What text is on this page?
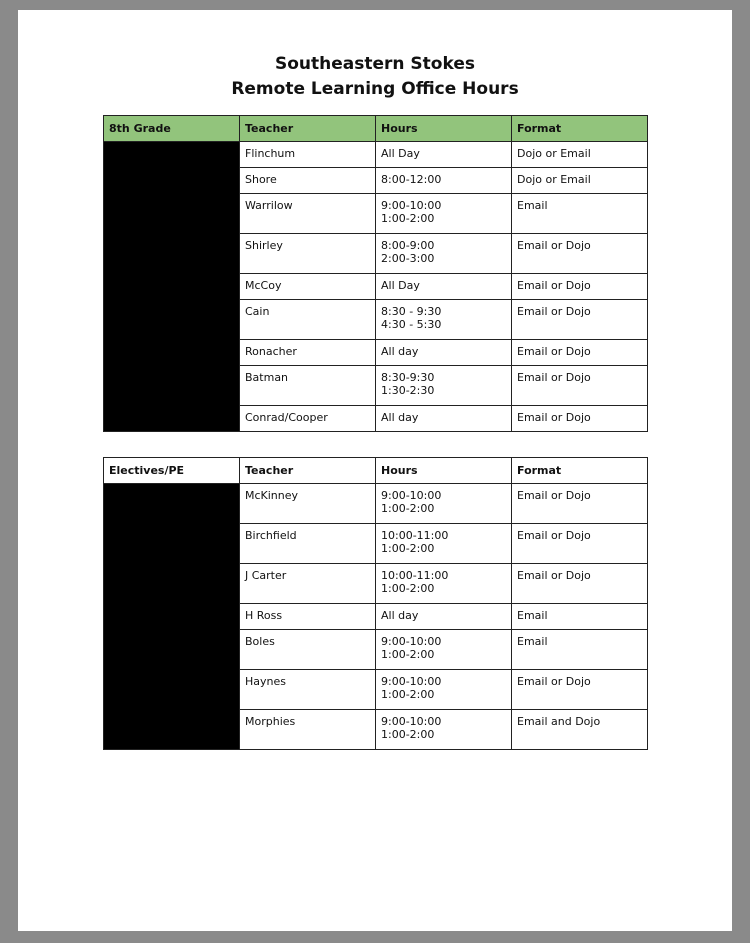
Southeastern Stokes
Remote Learning Office Hours
8th Grade	Teacher	Hours	Format
	Flinchum	All Day	Dojo or Email
	Shore	8:00-12:00	Dojo or Email
	Warrilow	9:00-10:00
1:00-2:00	Email
	Shirley	8:00-9:00
2:00-3:00	Email or Dojo
	McCoy	All Day	Email or Dojo
	Cain	8:30 - 9:30
4:30 - 5:30	Email or Dojo
	Ronacher	All day	Email or Dojo
	Batman	8:30-9:30
1:30-2:30	Email or Dojo
	Conrad/Cooper	All day	Email or Dojo
Electives/PE	Teacher	Hours	Format
	McKinney	9:00-10:00
1:00-2:00	Email or Dojo
	Birchfield	10:00-11:00
1:00-2:00	Email or Dojo
	J Carter	10:00-11:00
1:00-2:00	Email or Dojo
	H Ross	All day	Email
	Boles	9:00-10:00
1:00-2:00	Email
	Haynes	9:00-10:00
1:00-2:00	Email or Dojo
	Morphies	9:00-10:00
1:00-2:00	Email and Dojo
